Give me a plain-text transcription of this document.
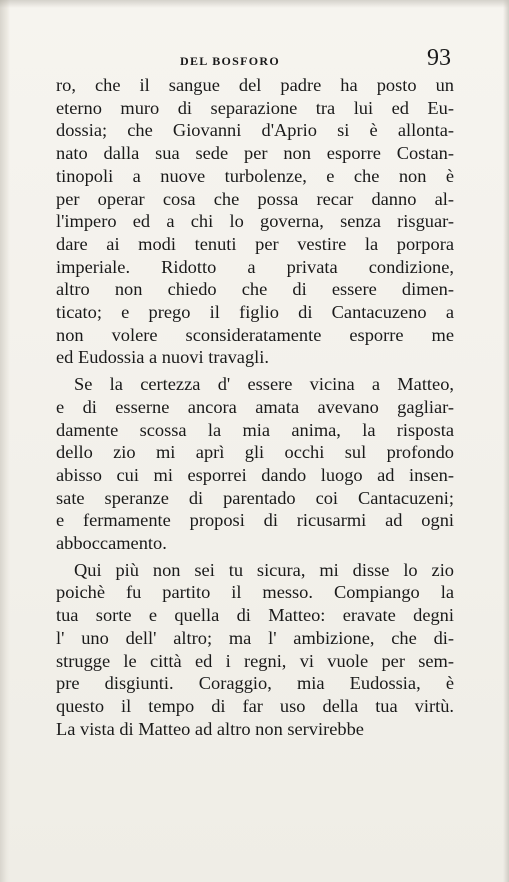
DEL BOSFORO	93
ro, che il sangue del padre ha posto un
eterno muro di separazione tra lui ed Eu-
dossia; che Giovanni d'Aprio si è allonta-
nato dalla sua sede per non esporre Costan-
tinopoli a nuove turbolenze, e che non è
per operar cosa che possa recar danno al-
l'impero ed a chi lo governa, senza risguar-
dare ai modi tenuti per vestire la porpora
imperiale. Ridotto a privata condizione,
altro non chiedo che di essere dimen-
ticato; e prego il figlio di Cantacuzeno a
non volere sconsideratamente esporre me
ed Eudossia a nuovi travagli.
Se la certezza d' essere vicina a Matteo,
e di esserne ancora amata avevano gagliar-
damente scossa la mia anima, la risposta
dello zio mi aprì gli occhi sul profondo
abisso cui mi esporrei dando luogo ad insen-
sate speranze di parentado coi Cantacuzeni;
e fermamente proposi di ricusarmi ad ogni
abboccamento.
Qui più non sei tu sicura, mi disse lo zio
poichè fu partito il messo. Compiango la
tua sorte e quella di Matteo: eravate degni
l' uno dell' altro; ma l' ambizione, che di-
strugge le città ed i regni, vi vuole per sem-
pre disgiunti. Coraggio, mia Eudossia, è
questo il tempo di far uso della tua virtù.
La vista di Matteo ad altro non servirebbe
